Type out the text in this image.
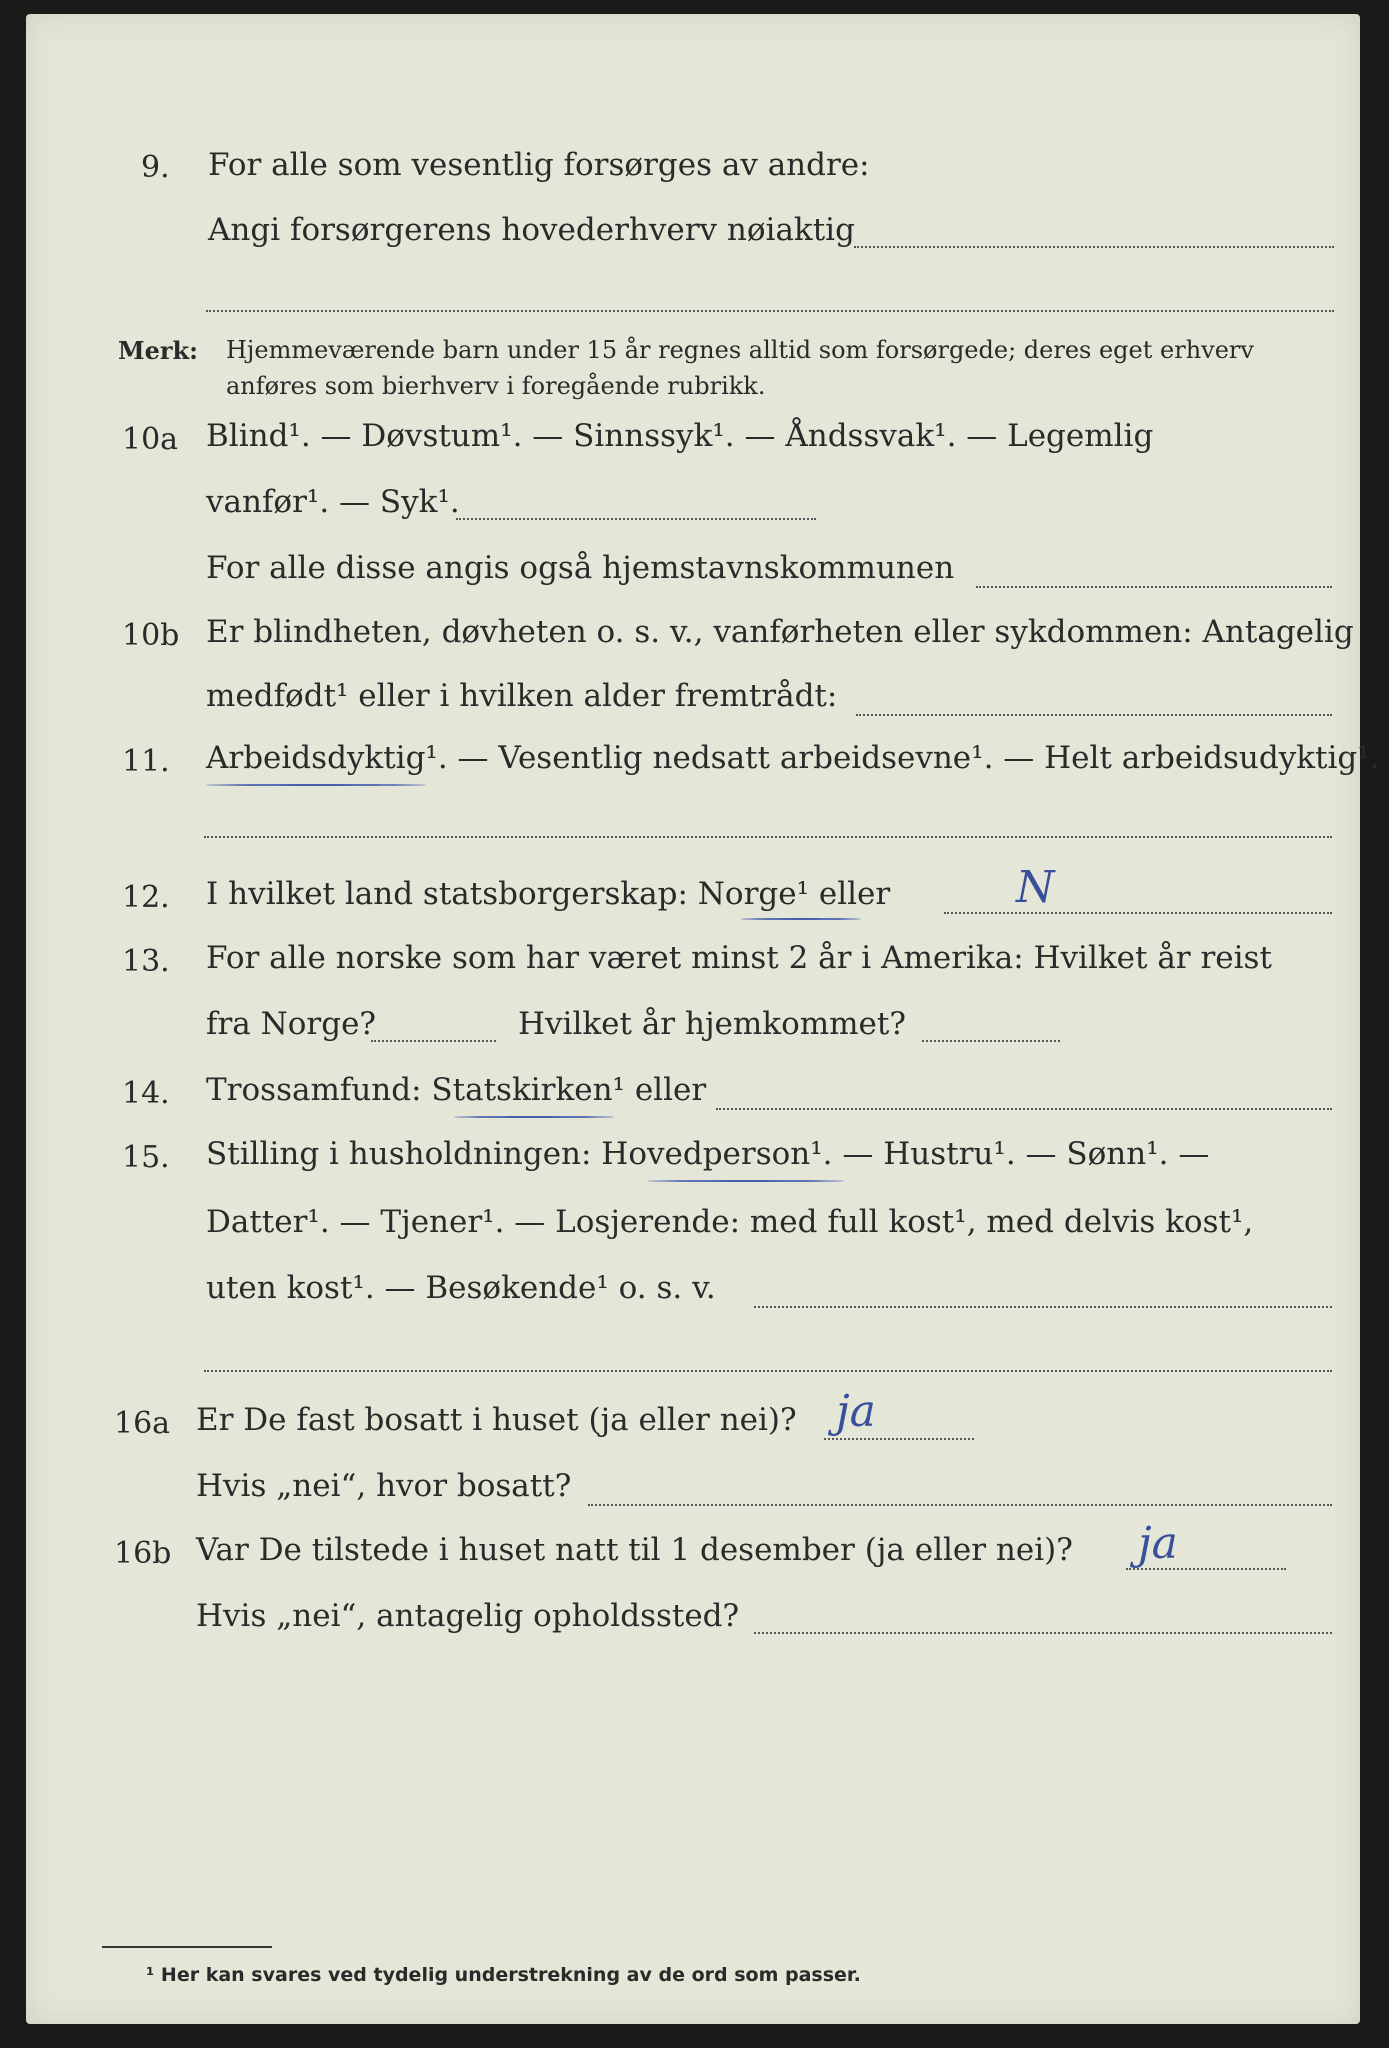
9. For alle som vesentlig forsørges av andre:
Angi forsørgerens hovederhverv nøiaktig
Merk: Hjemmeværende barn under 15 år regnes alltid som forsørgede; deres eget erhverv
anføres som bierhverv i foregående rubrikk.
10a Blind¹. — Døvstum¹. — Sinnssyk¹. — Åndssvak¹. — Legemlig
vanfør¹. — Syk¹.
For alle disse angis også hjemstavnskommunen
10b Er blindheten, døvheten o. s. v., vanførheten eller sykdommen: Antagelig
medfødt¹ eller i hvilken alder fremtrådt:
11. Arbeidsdyktig¹. — Vesentlig nedsatt arbeidsevne¹. — Helt arbeidsudyktig¹.
12. I hvilket land statsborgerskap: Norge¹ eller	N
13. For alle norske som har været minst 2 år i Amerika: Hvilket år reist
fra Norge?	Hvilket år hjemkommet?
14. Trossamfund: Statskirken¹ eller
15. Stilling i husholdningen: Hovedperson¹. — Hustru¹. — Sønn¹. —
Datter¹. — Tjener¹. — Losjerende: med full kost¹, med delvis kost¹,
uten kost¹. — Besøkende¹ o. s. v.
16a Er De fast bosatt i huset (ja eller nei)? ja
Hvis „nei“, hvor bosatt?
16b Var De tilstede i huset natt til 1 desember (ja eller nei)? ja
Hvis „nei“, antagelig opholdssted?
¹ Her kan svares ved tydelig understrekning av de ord som passer.
